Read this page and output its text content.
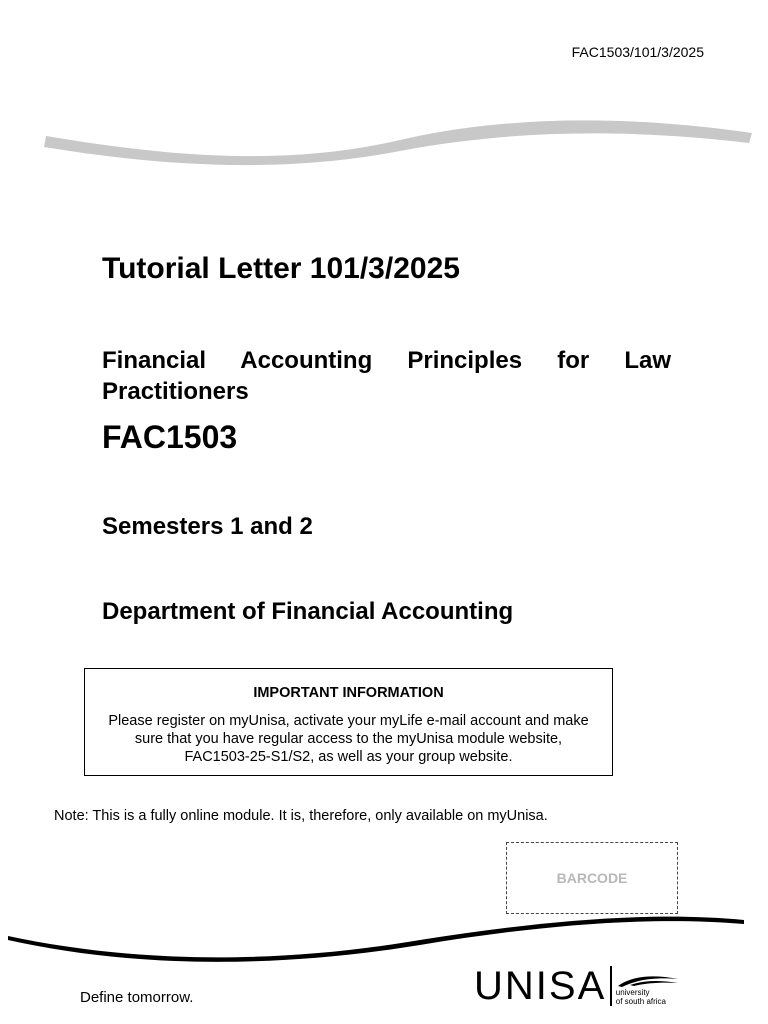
FAC1503/101/3/2025
Tutorial Letter 101/3/2025
Financial Accounting Principles for Law Practitioners
FAC1503
Semesters 1 and 2
Department of Financial Accounting
IMPORTANT INFORMATION
Please register on myUnisa, activate your myLife e-mail account and make sure that you have regular access to the myUnisa module website, FAC1503-25-S1/S2, as well as your group website.
Note: This is a fully online module. It is, therefore, only available on myUnisa.
BARCODE
Define tomorrow.	UNISA university
of south africa
